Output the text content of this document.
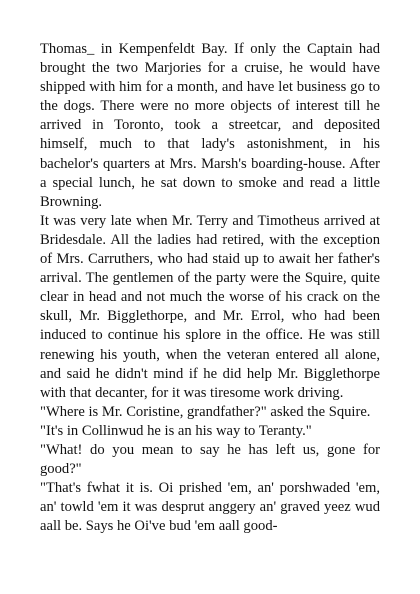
Thomas_ in Kempenfeldt Bay. If only the Captain had brought the two Marjories for a cruise, he would have shipped with him for a month, and have let business go to the dogs. There were no more objects of interest till he arrived in Toronto, took a streetcar, and deposited himself, much to that lady's astonishment, in his bachelor's quarters at Mrs. Marsh's boarding-house. After a special lunch, he sat down to smoke and read a little Browning.

It was very late when Mr. Terry and Timotheus arrived at Bridesdale. All the ladies had retired, with the exception of Mrs. Carruthers, who had staid up to await her father's arrival. The gentlemen of the party were the Squire, quite clear in head and not much the worse of his crack on the skull, Mr. Bigglethorpe, and Mr. Errol, who had been induced to continue his splore in the office. He was still renewing his youth, when the veteran entered all alone, and said he didn't mind if he did help Mr. Bigglethorpe with that decanter, for it was tiresome work driving.

"Where is Mr. Coristine, grandfather?" asked the Squire.

"It's in Collinwud he is an his way to Teranty."

"What! do you mean to say he has left us, gone for good?"

"That's fwhat it is. Oi prished 'em, an' porshwaded 'em, an' towld 'em it was desprut anggery an' graved yeez wud aall be. Says he Oi've bud 'em aall good-
